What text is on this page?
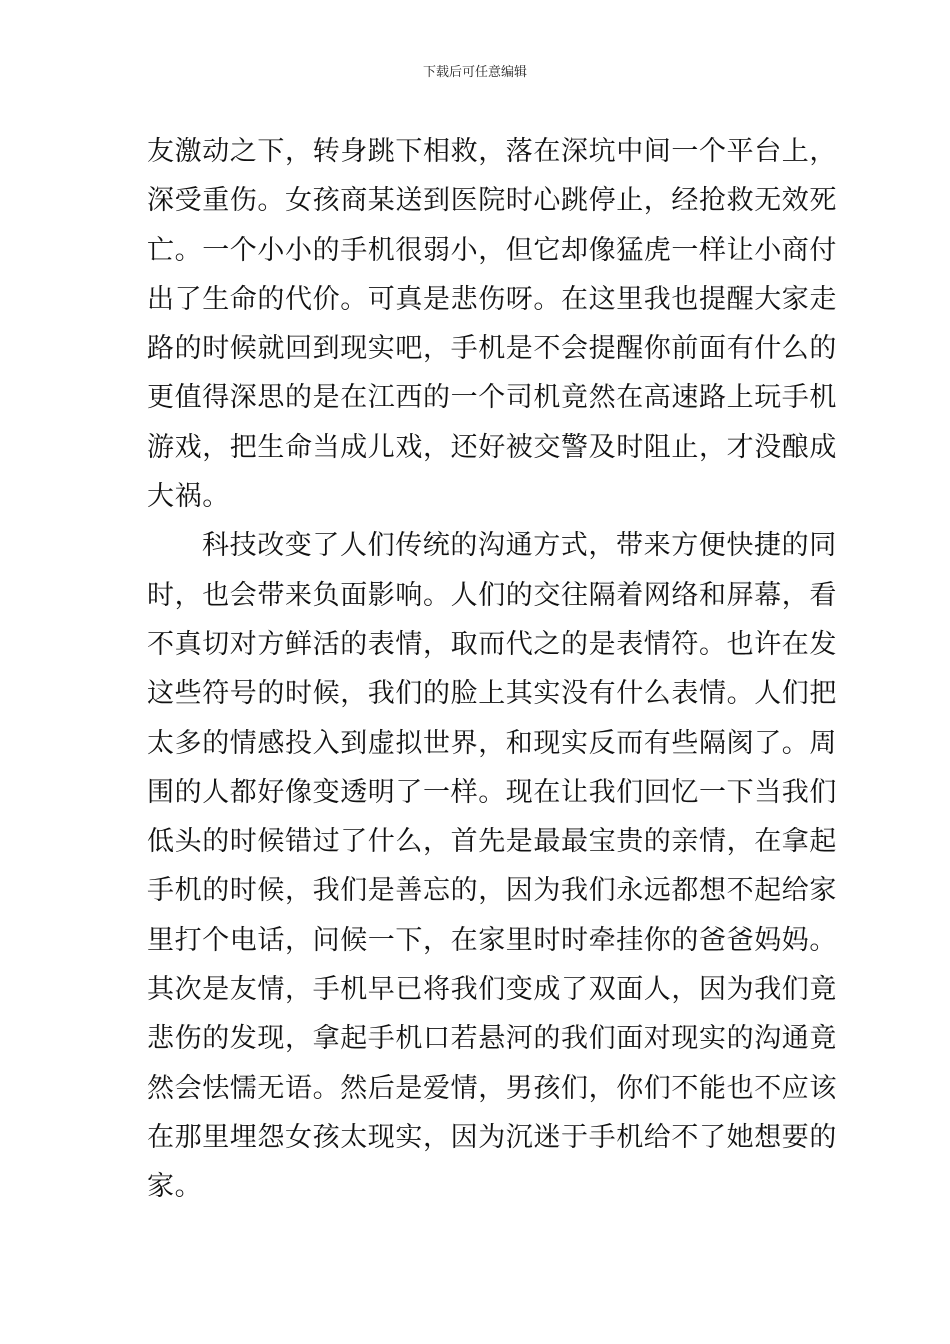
下载后可任意编辑
友激动之下，转身跳下相救，落在深坑中间一个平台上，
深受重伤。女孩商某送到医院时心跳停止，经抢救无效死
亡。一个小小的手机很弱小，但它却像猛虎一样让小商付
出了生命的代价。可真是悲伤呀。在这里我也提醒大家走
路的时候就回到现实吧，手机是不会提醒你前面有什么的
更值得深思的是在江西的一个司机竟然在高速路上玩手机
游戏，把生命当成儿戏，还好被交警及时阻止，才没酿成
大祸。
科技改变了人们传统的沟通方式，带来方便快捷的同
时，也会带来负面影响。人们的交往隔着网络和屏幕，看
不真切对方鲜活的表情，取而代之的是表情符。也许在发
这些符号的时候，我们的脸上其实没有什么表情。人们把
太多的情感投入到虚拟世界，和现实反而有些隔阂了。周
围的人都好像变透明了一样。现在让我们回忆一下当我们
低头的时候错过了什么，首先是最最宝贵的亲情，在拿起
手机的时候，我们是善忘的，因为我们永远都想不起给家
里打个电话，问候一下，在家里时时牵挂你的爸爸妈妈。
其次是友情，手机早已将我们变成了双面人，因为我们竟
悲伤的发现，拿起手机口若悬河的我们面对现实的沟通竟
然会怯懦无语。然后是爱情，男孩们，你们不能也不应该
在那里埋怨女孩太现实，因为沉迷于手机给不了她想要的
家。
